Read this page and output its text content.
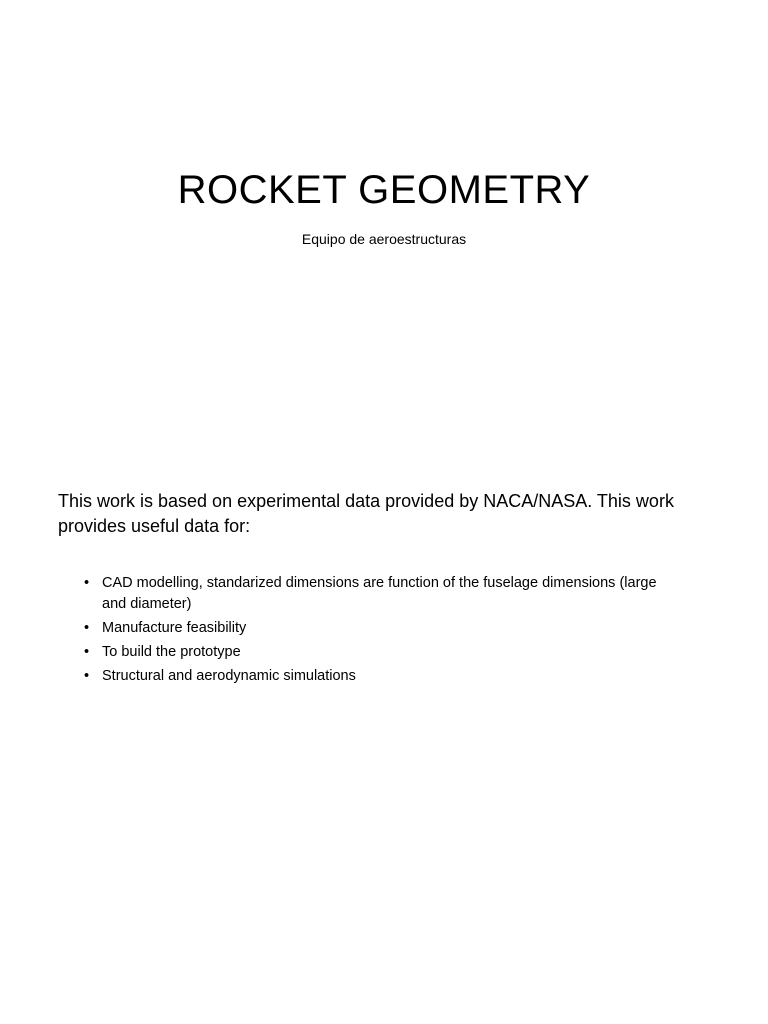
ROCKET GEOMETRY

Equipo de aeroestructuras

This work is based on experimental data provided by NACA/NASA. This work provides useful data for:

• CAD modelling, standarized dimensions are function of the fuselage dimensions (large and diameter)
• Manufacture feasibility
• To build the prototype
• Structural and aerodynamic simulations
